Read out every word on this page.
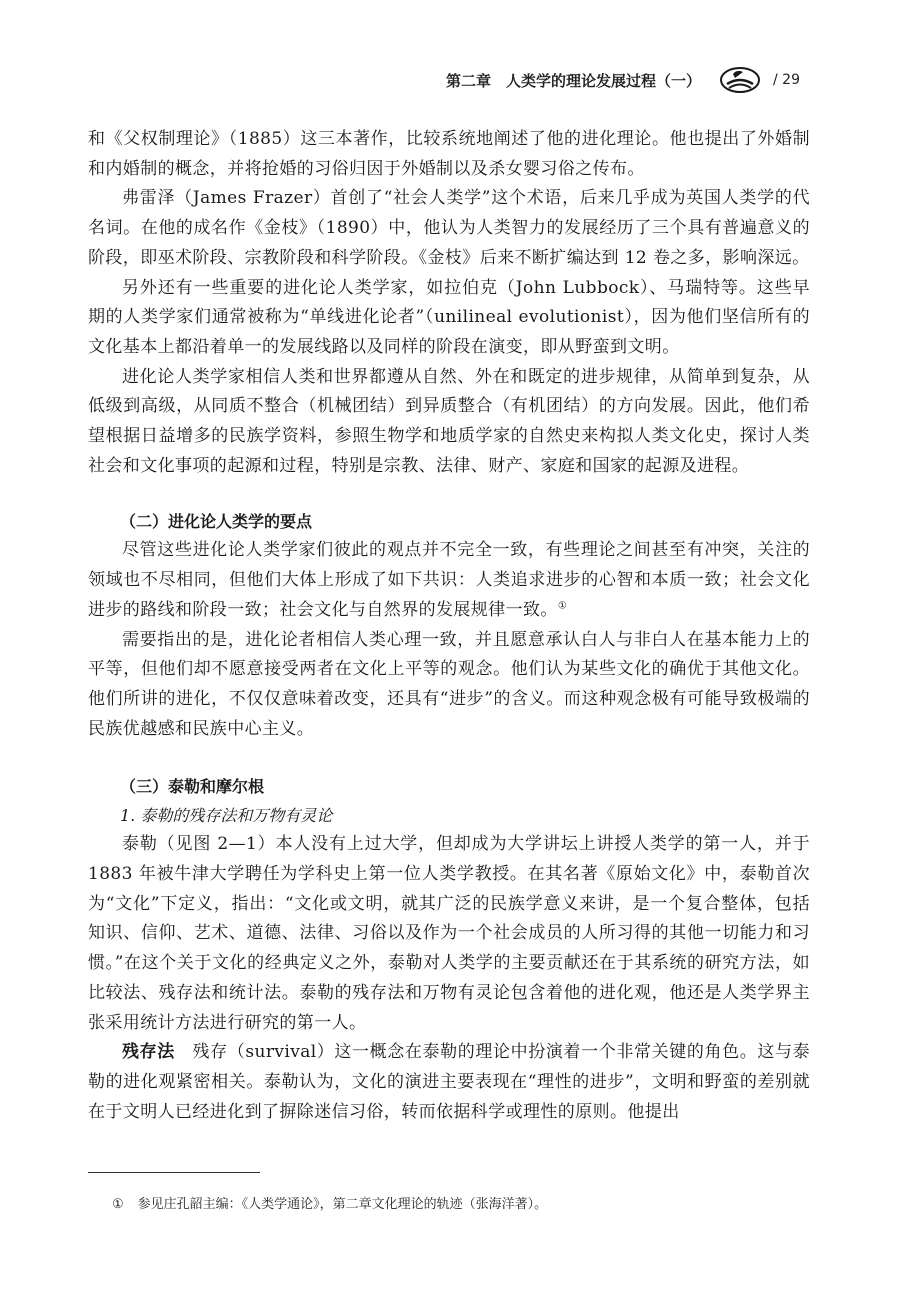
第二章　人类学的理论发展过程（一）	/ 29

和《父权制理论》（1885）这三本著作，比较系统地阐述了他的进化理论。他也提出了外婚制和内婚制的概念，并将抢婚的习俗归因于外婚制以及杀女婴习俗之传布。

弗雷泽（James Frazer）首创了“社会人类学”这个术语，后来几乎成为英国人类学的代名词。在他的成名作《金枝》（1890）中，他认为人类智力的发展经历了三个具有普遍意义的阶段，即巫术阶段、宗教阶段和科学阶段。《金枝》后来不断扩编达到 12 卷之多，影响深远。

另外还有一些重要的进化论人类学家，如拉伯克（John Lubbock）、马瑞特等。这些早期的人类学家们通常被称为“单线进化论者”（unilineal evolutionist），因为他们坚信所有的文化基本上都沿着单一的发展线路以及同样的阶段在演变，即从野蛮到文明。

进化论人类学家相信人类和世界都遵从自然、外在和既定的进步规律，从简单到复杂，从低级到高级，从同质不整合（机械团结）到异质整合（有机团结）的方向发展。因此，他们希望根据日益增多的民族学资料，参照生物学和地质学家的自然史来构拟人类文化史，探讨人类社会和文化事项的起源和过程，特别是宗教、法律、财产、家庭和国家的起源及进程。

（二）进化论人类学的要点

尽管这些进化论人类学家们彼此的观点并不完全一致，有些理论之间甚至有冲突，关注的领域也不尽相同，但他们大体上形成了如下共识：人类追求进步的心智和本质一致；社会文化进步的路线和阶段一致；社会文化与自然界的发展规律一致。①

需要指出的是，进化论者相信人类心理一致，并且愿意承认白人与非白人在基本能力上的平等，但他们却不愿意接受两者在文化上平等的观念。他们认为某些文化的确优于其他文化。他们所讲的进化，不仅仅意味着改变，还具有“进步”的含义。而这种观念极有可能导致极端的民族优越感和民族中心主义。

（三）泰勒和摩尔根
1. 泰勒的残存法和万物有灵论

泰勒（见图 2—1）本人没有上过大学，但却成为大学讲坛上讲授人类学的第一人，并于 1883 年被牛津大学聘任为学科史上第一位人类学教授。在其名著《原始文化》中，泰勒首次为“文化”下定义，指出：“文化或文明，就其广泛的民族学意义来讲，是一个复合整体，包括知识、信仰、艺术、道德、法律、习俗以及作为一个社会成员的人所习得的其他一切能力和习惯。”在这个关于文化的经典定义之外，泰勒对人类学的主要贡献还在于其系统的研究方法，如比较法、残存法和统计法。泰勒的残存法和万物有灵论包含着他的进化观，他还是人类学界主张采用统计方法进行研究的第一人。

残存法　残存（survival）这一概念在泰勒的理论中扮演着一个非常关键的角色。这与泰勒的进化观紧密相关。泰勒认为，文化的演进主要表现在“理性的进步”，文明和野蛮的差别就在于文明人已经进化到了摒除迷信习俗，转而依据科学或理性的原则。他提出

① 参见庄孔韶主编：《人类学通论》，第二章文化理论的轨迹（张海洋著）。
